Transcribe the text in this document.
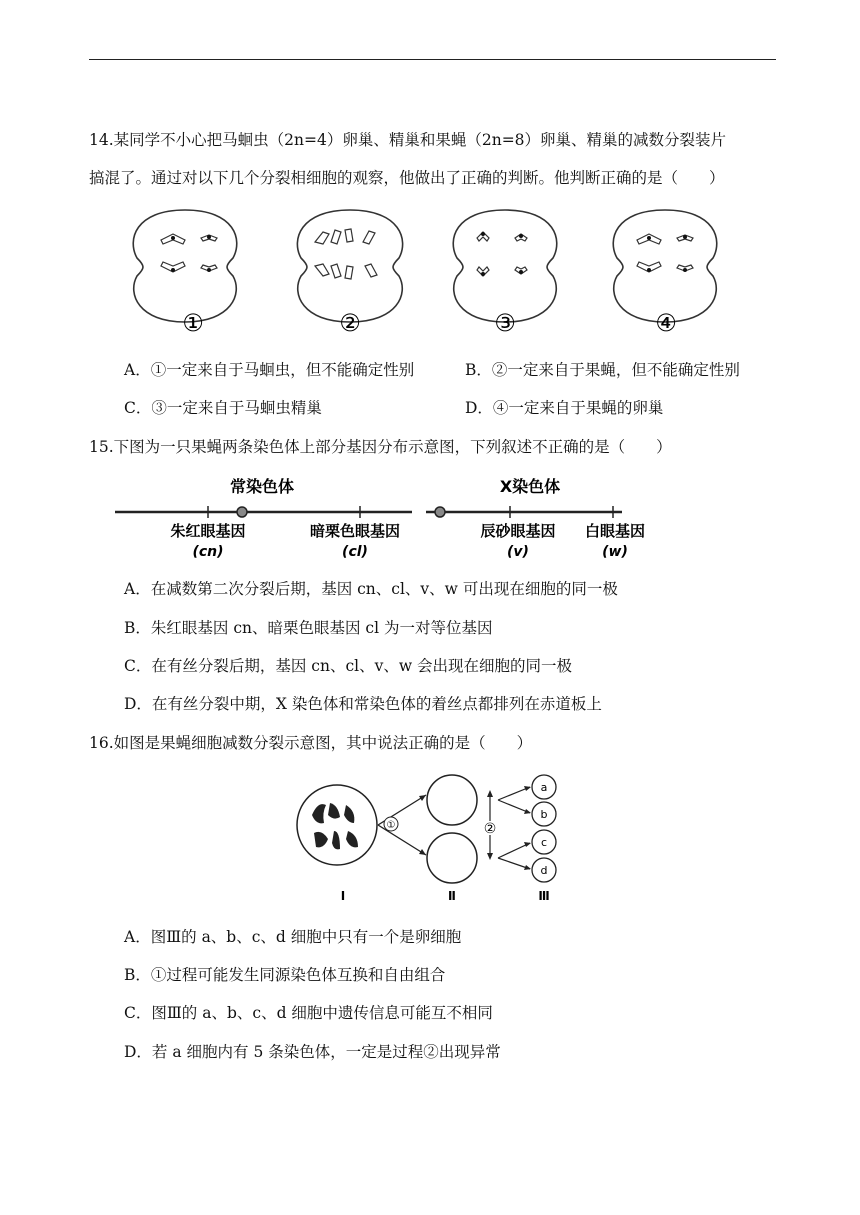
14.某同学不小心把马蛔虫（2n=4）卵巢、精巢和果蝇（2n=8）卵巢、精巢的减数分裂装片
搞混了。通过对以下几个分裂相细胞的观察，他做出了正确的判断。他判断正确的是（　　）
①	②	③	④
A．①一定来自于马蛔虫，但不能确定性别	B．②一定来自于果蝇，但不能确定性别
C．③一定来自于马蛔虫精巢	D．④一定来自于果蝇的卵巢
15.下图为一只果蝇两条染色体上部分基因分布示意图，下列叙述不正确的是（　　）
常染色体	X染色体
朱红眼基因
(cn)
暗栗色眼基因
(cl)
辰砂眼基因
(v)
白眼基因
(w)
A．在减数第二次分裂后期，基因 cn、cl、v、w 可出现在细胞的同一极
B．朱红眼基因 cn、暗栗色眼基因 cl 为一对等位基因
C．在有丝分裂后期，基因 cn、cl、v、w 会出现在细胞的同一极
D．在有丝分裂中期，X 染色体和常染色体的着丝点都排列在赤道板上
16.如图是果蝇细胞减数分裂示意图，其中说法正确的是（　　）
①	②
a
b
c
d
Ⅰ	Ⅱ	Ⅲ
A．图Ⅲ的 a、b、c、d 细胞中只有一个是卵细胞
B．①过程可能发生同源染色体互换和自由组合
C．图Ⅲ的 a、b、c、d 细胞中遗传信息可能互不相同
D．若 a 细胞内有 5 条染色体，一定是过程②出现异常
